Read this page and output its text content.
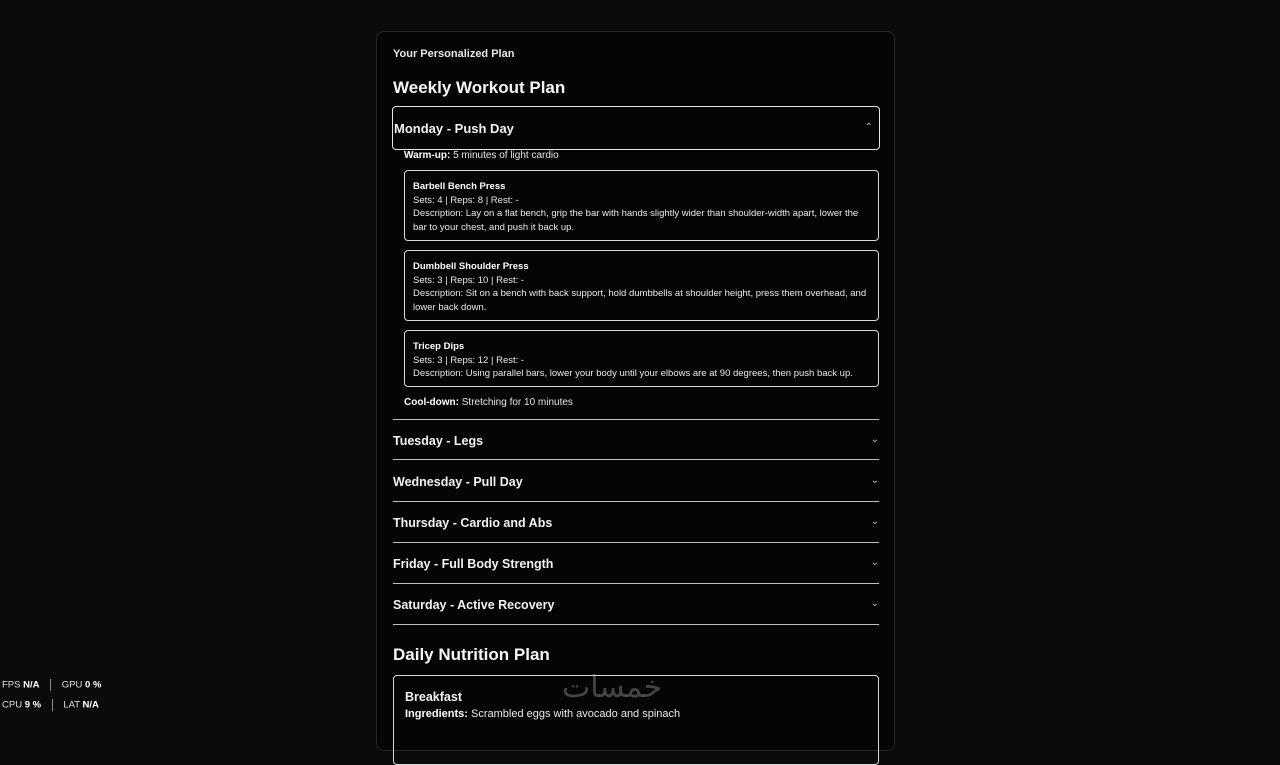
Your Personalized Plan
Weekly Workout Plan
Monday - Push Day	⌃
Warm-up: 5 minutes of light cardio
Barbell Bench Press
Sets: 4 | Reps: 8 | Rest: -
Description: Lay on a flat bench, grip the bar with hands slightly wider than shoulder-width apart, lower the bar to your chest, and push it back up.
Dumbbell Shoulder Press
Sets: 3 | Reps: 10 | Rest: -
Description: Sit on a bench with back support, hold dumbbells at shoulder height, press them overhead, and lower back down.
Tricep Dips
Sets: 3 | Reps: 12 | Rest: -
Description: Using parallel bars, lower your body until your elbows are at 90 degrees, then push back up.
Cool-down: Stretching for 10 minutes
Tuesday - Legs	⌄
Wednesday - Pull Day	⌄
Thursday - Cardio and Abs	⌄
Friday - Full Body Strength	⌄
Saturday - Active Recovery	⌄
Daily Nutrition Plan
Breakfast
Ingredients: Scrambled eggs with avocado and spinach
FPS N/A GPU 0 %
CPU 9 % LAT N/A
خمسات
